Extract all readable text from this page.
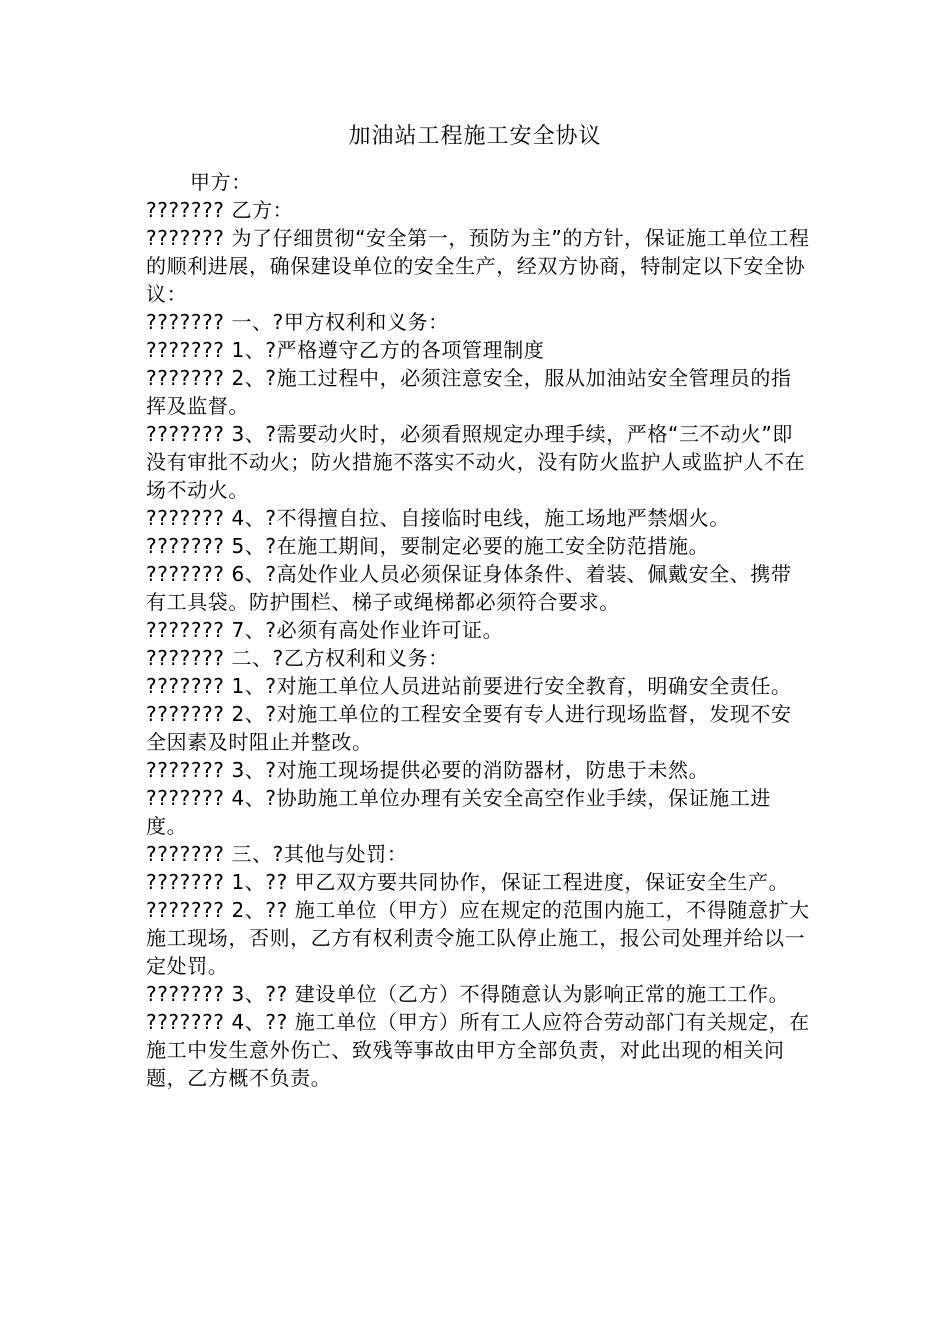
加油站工程施工安全协议

甲方：

??????? 乙方：

??????? 为了仔细贯彻“安全第一，预防为主”的方针，保证施工单位工程的顺利进展，确保建设单位的安全生产，经双方协商，特制定以下安全协议：

??????? 一、?甲方权利和义务：

??????? 1、?严格遵守乙方的各项管理制度

??????? 2、?施工过程中，必须注意安全，服从加油站安全管理员的指挥及监督。

??????? 3、?需要动火时，必须看照规定办理手续，严格“三不动火”即没有审批不动火；防火措施不落实不动火，没有防火监护人或监护人不在场不动火。

??????? 4、?不得擅自拉、自接临时电线，施工场地严禁烟火。

??????? 5、?在施工期间，要制定必要的施工安全防范措施。

??????? 6、?高处作业人员必须保证身体条件、着装、佩戴安全、携带有工具袋。防护围栏、梯子或绳梯都必须符合要求。

??????? 7、?必须有高处作业许可证。

??????? 二、?乙方权利和义务：

??????? 1、?对施工单位人员进站前要进行安全教育，明确安全责任。

??????? 2、?对施工单位的工程安全要有专人进行现场监督，发现不安全因素及时阻止并整改。

??????? 3、?对施工现场提供必要的消防器材，防患于未然。

??????? 4、?协助施工单位办理有关安全高空作业手续，保证施工进度。

??????? 三、?其他与处罚：

??????? 1、?? 甲乙双方要共同协作，保证工程进度，保证安全生产。

??????? 2、?? 施工单位（甲方）应在规定的范围内施工，不得随意扩大施工现场，否则，乙方有权利责令施工队停止施工，报公司处理并给以一定处罚。

??????? 3、?? 建设单位（乙方）不得随意认为影响正常的施工工作。

??????? 4、?? 施工单位（甲方）所有工人应符合劳动部门有关规定，在施工中发生意外伤亡、致残等事故由甲方全部负责，对此出现的相关问题，乙方概不负责。
